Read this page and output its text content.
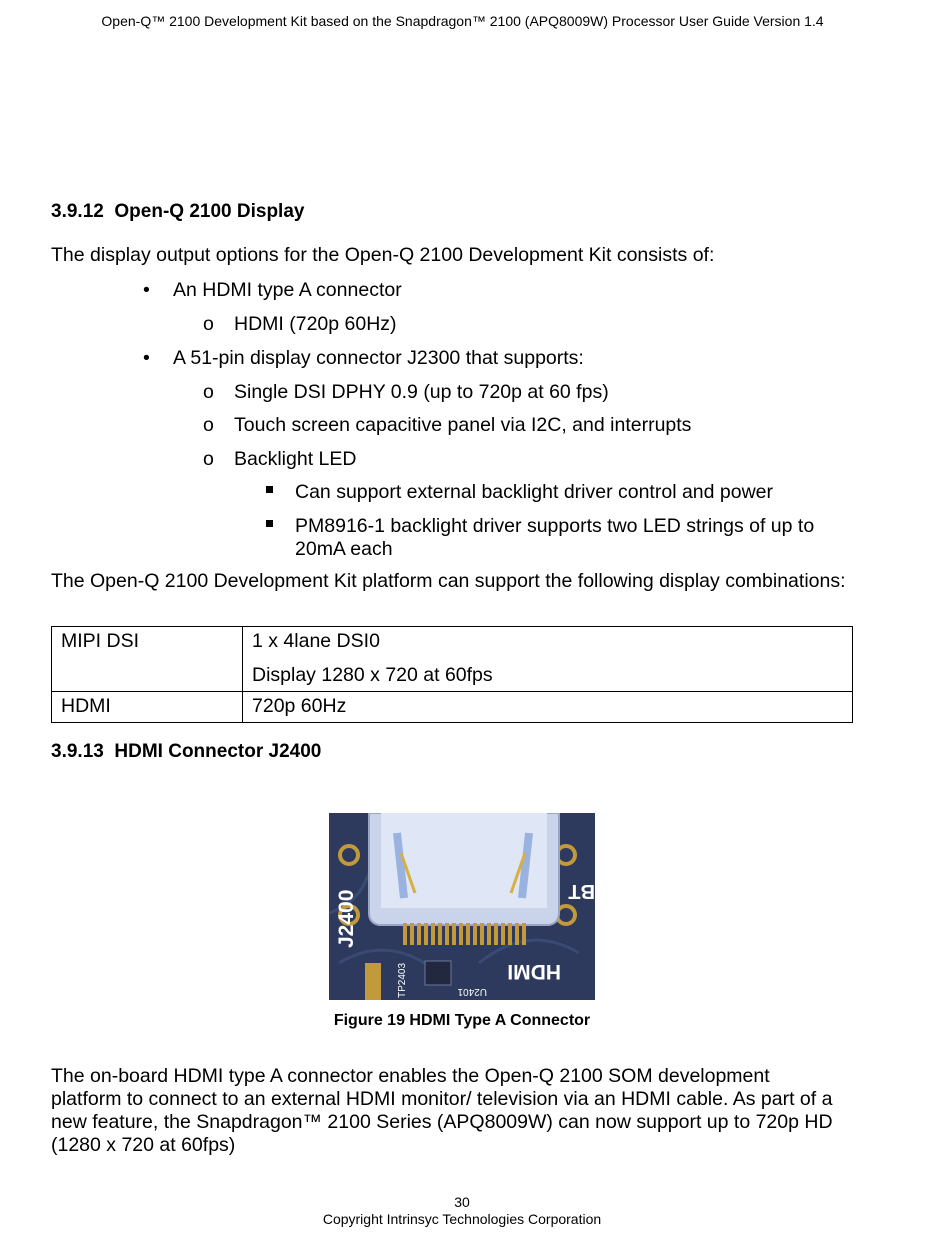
Open-Q™ 2100 Development Kit based on the Snapdragon™ 2100 (APQ8009W) Processor User Guide Version 1.4
3.9.12 Open-Q 2100 Display
The display output options for the Open-Q 2100 Development Kit consists of:
• An HDMI type A connector
o HDMI (720p 60Hz)
• A 51-pin display connector J2300 that supports:
o Single DSI DPHY 0.9 (up to 720p at 60 fps)
o Touch screen capacitive panel via I2C, and interrupts
o Backlight LED
Can support external backlight driver control and power
PM8916-1 backlight driver supports two LED strings of up to
20mA each
The Open-Q 2100 Development Kit platform can support the following display combinations:
MIPI DSI	1 x 4lane DSI0
Display 1280 x 720 at 60fps

HDMI	720p 60Hz
3.9.13 HDMI Connector J2400
J2400
HDMI
TP2403	U2401
BT
Figure 19 HDMI Type A Connector
The on-board HDMI type A connector enables the Open-Q 2100 SOM development
platform to connect to an external HDMI monitor/ television via an HDMI cable. As part of a
new feature, the Snapdragon™ 2100 Series (APQ8009W) can now support up to 720p HD
(1280 x 720 at 60fps)
30
Copyright Intrinsyc Technologies Corporation
